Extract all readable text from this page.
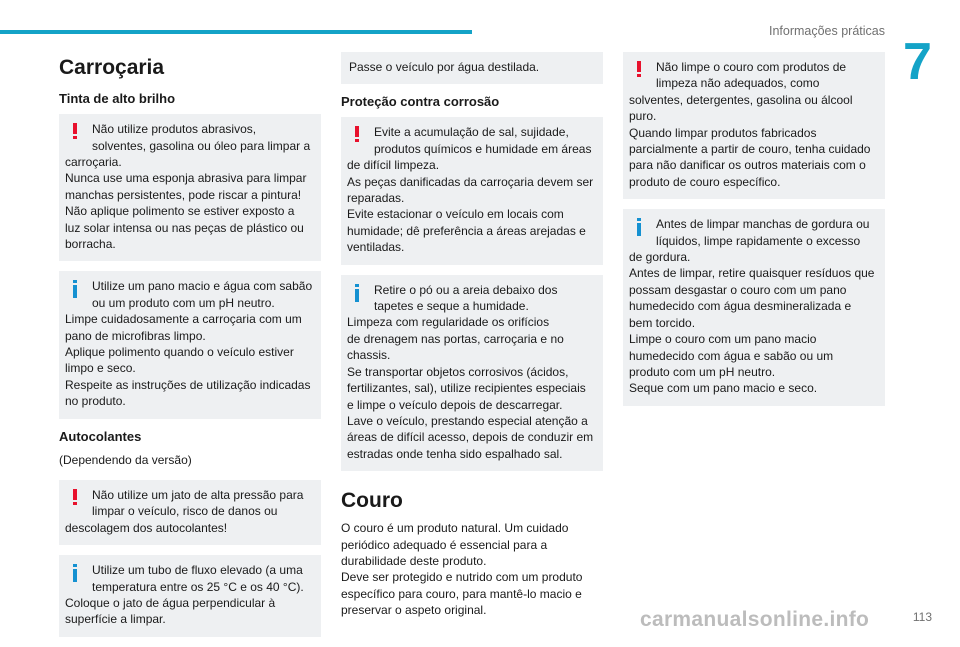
Informações práticas
7
Carroçaria
Tinta de alto brilho
Não utilize produtos abrasivos, solventes, gasolina ou óleo para limpar a
carroçaria.
Nunca use uma esponja abrasiva para limpar manchas persistentes, pode riscar a pintura!
Não aplique polimento se estiver exposto a luz solar intensa ou nas peças de plástico ou borracha.
Utilize um pano macio e água com sabão ou um produto com um pH neutro.
Limpe cuidadosamente a carroçaria com um pano de microfibras limpo.
Aplique polimento quando o veículo estiver limpo e seco.
Respeite as instruções de utilização indicadas no produto.
Autocolantes

(Dependendo da versão)

Não utilize um jato de alta pressão para limpar o veículo, risco de danos ou
descolagem dos autocolantes!
Utilize um tubo de fluxo elevado (a uma temperatura entre os 25 °C e os 40 °C).
Coloque o jato de água perpendicular à superfície a limpar.
Passe o veículo por água destilada.
Proteção contra corrosão
Evite a acumulação de sal, sujidade, produtos químicos e humidade em áreas
de difícil limpeza.
As peças danificadas da carroçaria devem ser reparadas.
Evite estacionar o veículo em locais com humidade; dê preferência a áreas arejadas e ventiladas.
Retire o pó ou a areia debaixo dos tapetes e seque a humidade.
Limpeza com regularidade os orifícios
de drenagem nas portas, carroçaria e no chassis.
Se transportar objetos corrosivos (ácidos, fertilizantes, sal), utilize recipientes especiais e limpe o veículo depois de descarregar.
Lave o veículo, prestando especial atenção a áreas de difícil acesso, depois de conduzir em estradas onde tenha sido espalhado sal.
Couro

O couro é um produto natural. Um cuidado periódico adequado é essencial para a durabilidade deste produto.
Deve ser protegido e nutrido com um produto específico para couro, para mantê-lo macio e preservar o aspeto original.

Não limpe o couro com produtos de limpeza não adequados, como
solventes, detergentes, gasolina ou álcool puro.
Quando limpar produtos fabricados parcialmente a partir de couro, tenha cuidado para não danificar os outros materiais com o produto de couro específico.
Antes de limpar manchas de gordura ou líquidos, limpe rapidamente o excesso
de gordura.
Antes de limpar, retire quaisquer resíduos que possam desgastar o couro com um pano humedecido com água desmineralizada e bem torcido.
Limpe o couro com um pano macio humedecido com água e sabão ou um produto com um pH neutro.
Seque com um pano macio e seco.
carmanualsonline.info	113
